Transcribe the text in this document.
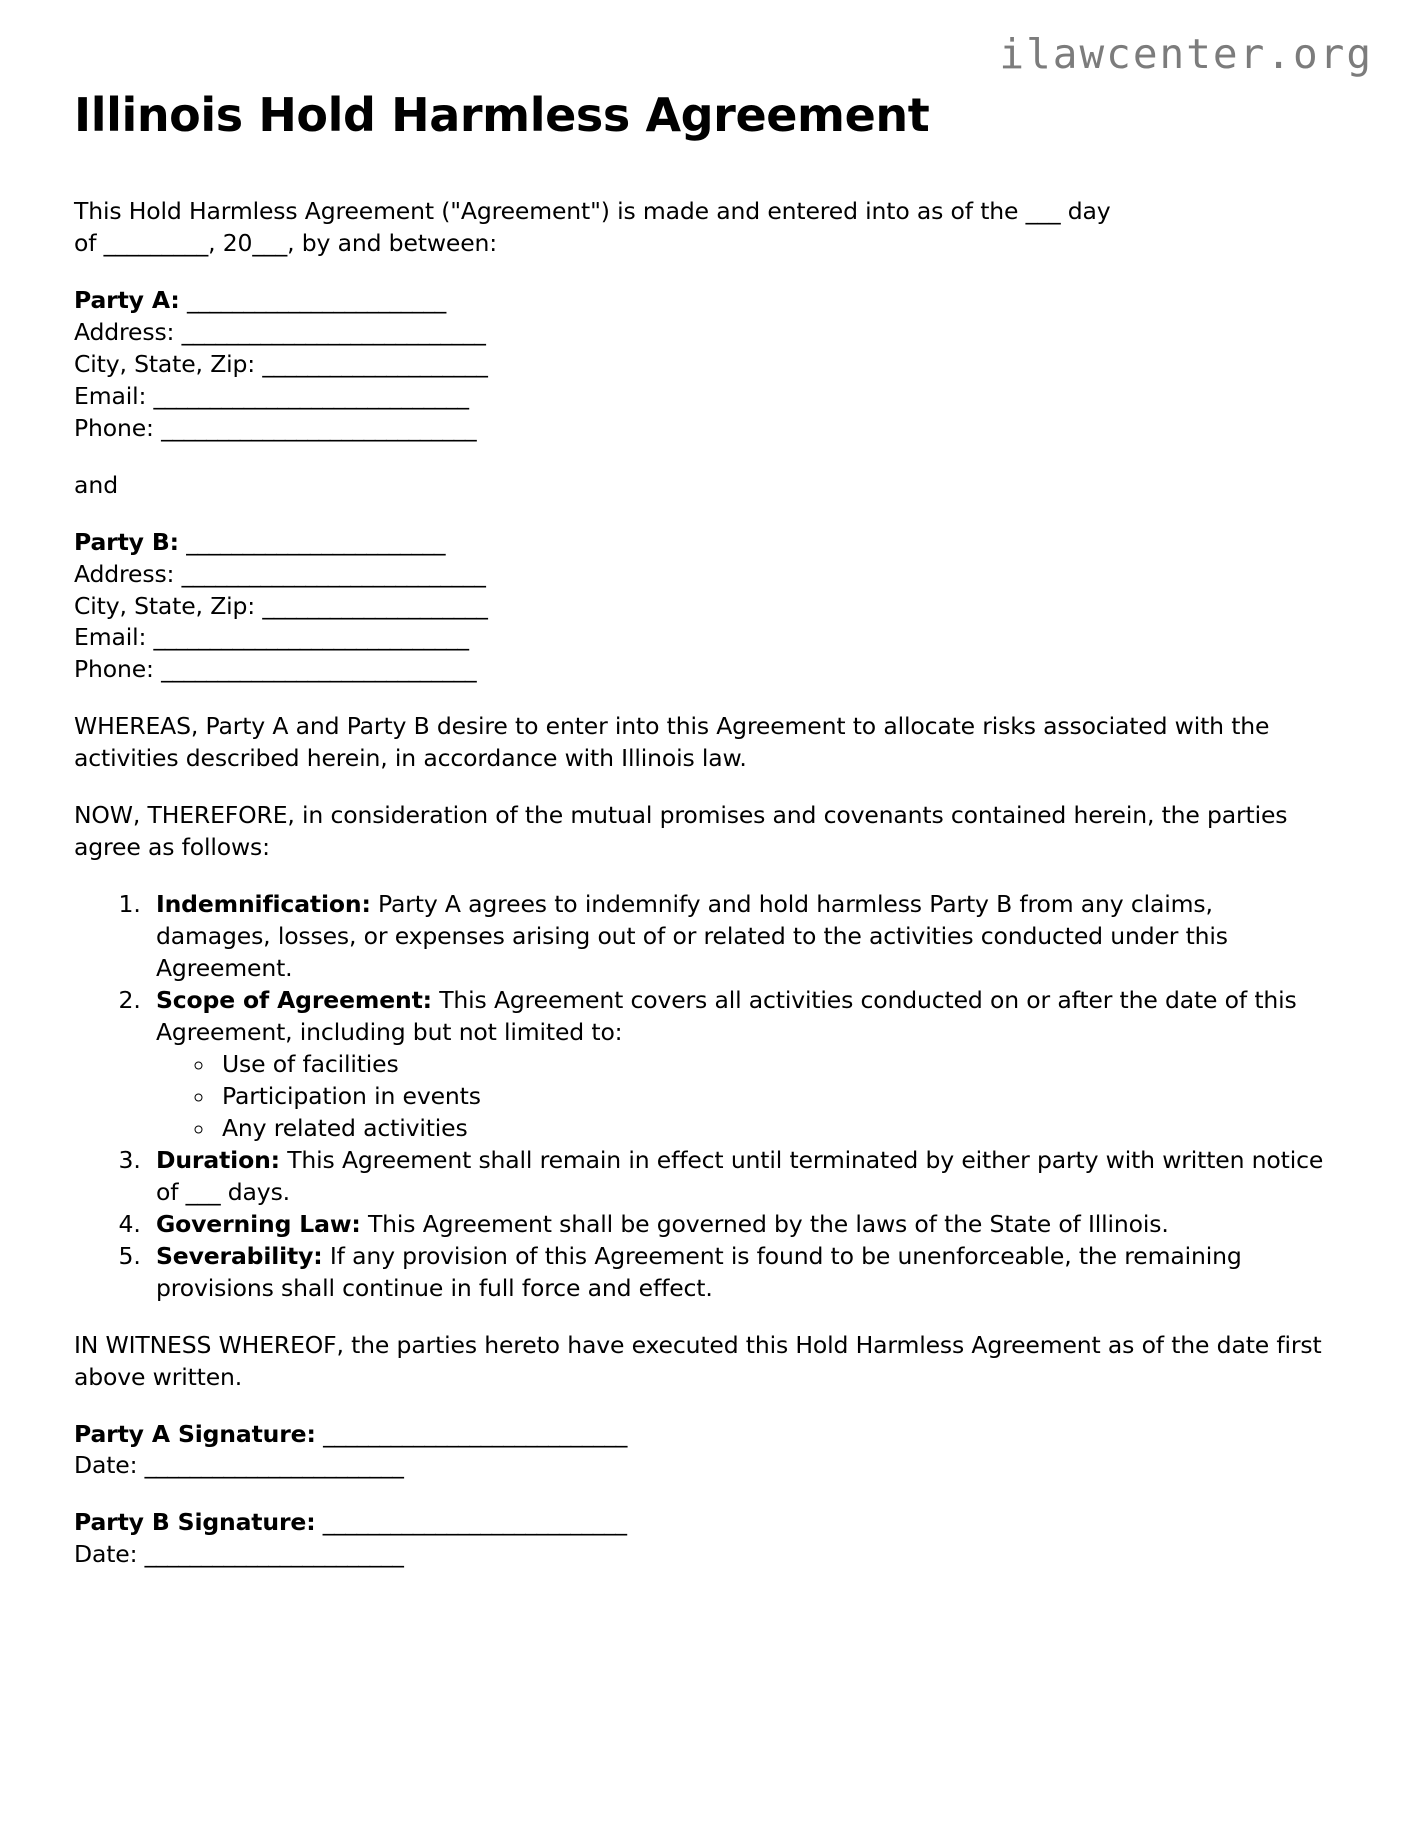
ilawcenter.org
Illinois Hold Harmless Agreement

This Hold Harmless Agreement ("Agreement") is made and entered into as of the ___ day
of _________, 20___, by and between:

Party A: _______________________
Address: ___________________________
City, State, Zip: ____________________
Email: ____________________________
Phone: ____________________________
and
Party B: _______________________
Address: ___________________________
City, State, Zip: ____________________
Email: ____________________________
Phone: ____________________________

WHEREAS, Party A and Party B desire to enter into this Agreement to allocate risks associated with the activities described herein, in accordance with Illinois law.

NOW, THEREFORE, in consideration of the mutual promises and covenants contained herein, the parties agree as follows:

1. Indemnification: Party A agrees to indemnify and hold harmless Party B from any claims, damages, losses, or expenses arising out of or related to the activities conducted under this Agreement.
2. Scope of Agreement: This Agreement covers all activities conducted on or after the date of this Agreement, including but not limited to:
◦ Use of facilities
◦ Participation in events
◦ Any related activities
3. Duration: This Agreement shall remain in effect until terminated by either party with written notice of ___ days.
4. Governing Law: This Agreement shall be governed by the laws of the State of Illinois.
5. Severability: If any provision of this Agreement is found to be unenforceable, the remaining provisions shall continue in full force and effect.

IN WITNESS WHEREOF, the parties hereto have executed this Hold Harmless Agreement as of the date first above written.

Party A Signature: ___________________________
Date: _______________________
Party B Signature: ___________________________
Date: _______________________
